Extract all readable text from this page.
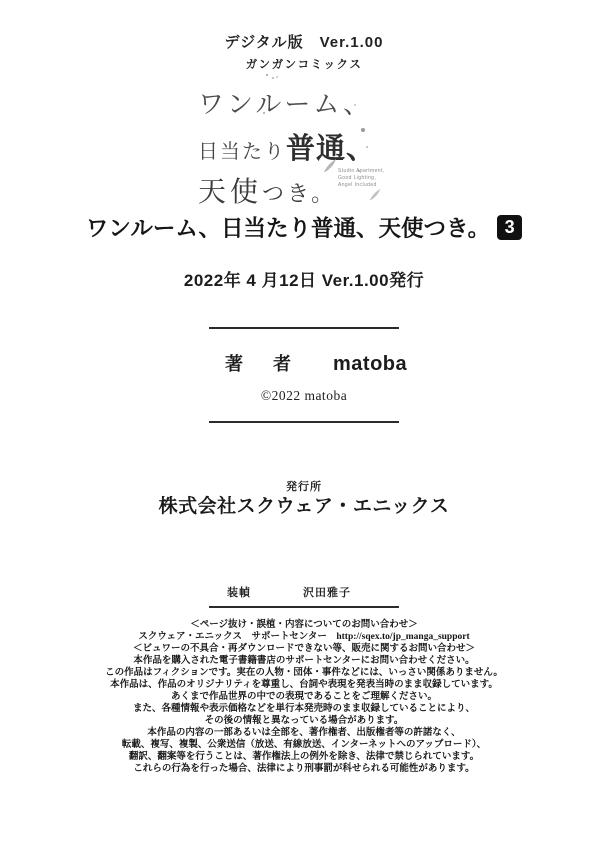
デジタル版　Ver.1.00
ガンガンコミックス
ワンルーム、
日当たり普通、
天使つき。
Studio Apartment,
Good Lighting,
Angel Included
ワンルーム、日当たり普通、天使つき。 3
2022年 4 月12日 Ver.1.00発行
著　者 matoba
©2022 matoba
発行所
株式会社スクウェア・エニックス
装幀	沢田雅子
＜ページ抜け・誤植・内容についてのお問い合わせ＞
スクウェア・エニックス　サポートセンター　http://sqex.to/jp_manga_support
＜ビュワーの不具合・再ダウンロードできない等、販売に関するお問い合わせ＞
本作品を購入された電子書籍書店のサポートセンターにお問い合わせください。
この作品はフィクションです。実在の人物・団体・事件などには、いっさい関係ありません。
本作品は、作品のオリジナリティを尊重し、台詞や表現を発表当時のまま収録しています。
あくまで作品世界の中での表現であることをご理解ください。
また、各種情報や表示価格などを単行本発売時のまま収録していることにより、
その後の情報と異なっている場合があります。
本作品の内容の一部あるいは全部を、著作権者、出版権者等の許諾なく、
転載、複写、複製、公衆送信（放送、有線放送、インターネットへのアップロード）、
翻訳、翻案等を行うことは、著作権法上の例外を除き、法律で禁じられています。
これらの行為を行った場合、法律により刑事罰が科せられる可能性があります。
